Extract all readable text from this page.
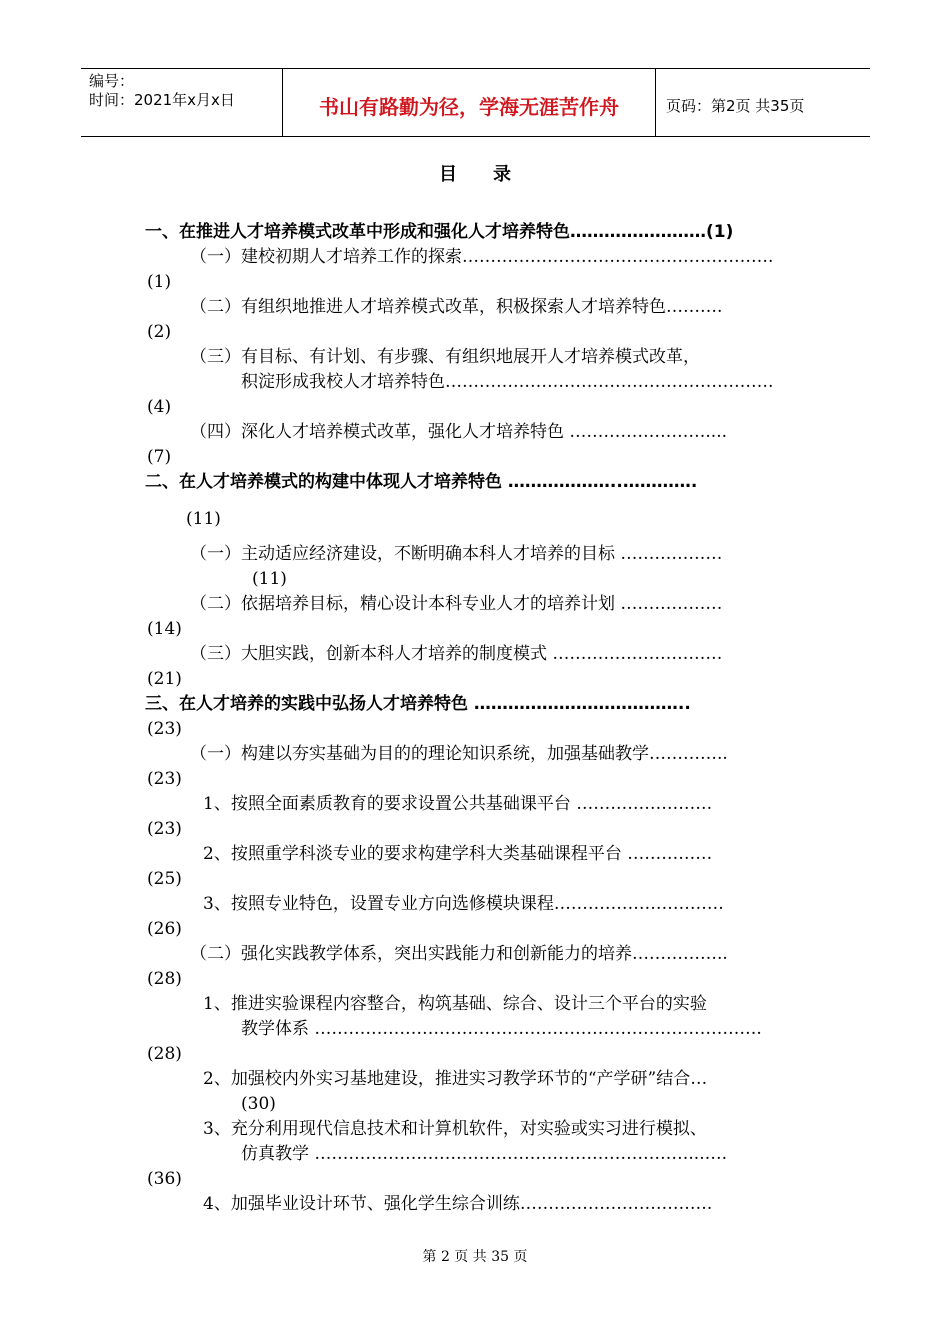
编号：
时间：2021年x月x日	书山有路勤为径，学海无涯苦作舟	页码：第2页 共35页
目　　录
一、在推进人才培养模式改革中形成和强化人才培养特色……………………(1)
（一）建校初期人才培养工作的探索……………………………………………….
(1)
（二）有组织地推进人才培养模式改革，积极探索人才培养特色……….
(2)
（三）有目标、有计划、有步骤、有组织地展开人才培养模式改革，
积淀形成我校人才培养特色………………………………………………….
(4)
（四）深化人才培养模式改革，强化人才培养特色 ……………………....
(7)
二、在人才培养模式的构建中体现人才培养特色 ………………..………….
(11)
（一）主动适应经济建设，不断明确本科人才培养的目标 ………………
(11)
（二）依据培养目标，精心设计本科专业人才的培养计划 ………………
(14)
（三）大胆实践，创新本科人才培养的制度模式 …………………………
(21)
三、在人才培养的实践中弘扬人才培养特色 ………………………………..
(23)
（一）构建以夯实基础为目的的理论知识系统，加强基础教学…………..
(23)
1、按照全面素质教育的要求设置公共基础课平台 ……………………
(23)
2、按照重学科淡专业的要求构建学科大类基础课程平台 ……………
(25)
3、按照专业特色，设置专业方向选修模块课程…………………………
(26)
（二）强化实践教学体系，突出实践能力和创新能力的培养……………..
(28)
1、推进实验课程内容整合，构筑基础、综合、设计三个平台的实验
教学体系 …………………………………………………………………….
(28)
2、加强校内外实习基地建设，推进实习教学环节的“产学研”结合…
(30)
3、充分利用现代信息技术和计算机软件，对实验或实习进行模拟、
仿真教学 …………………………………………………………...….
(36)
4、加强毕业设计环节、强化学生综合训练…………………………….
第 2 页 共 35 页
